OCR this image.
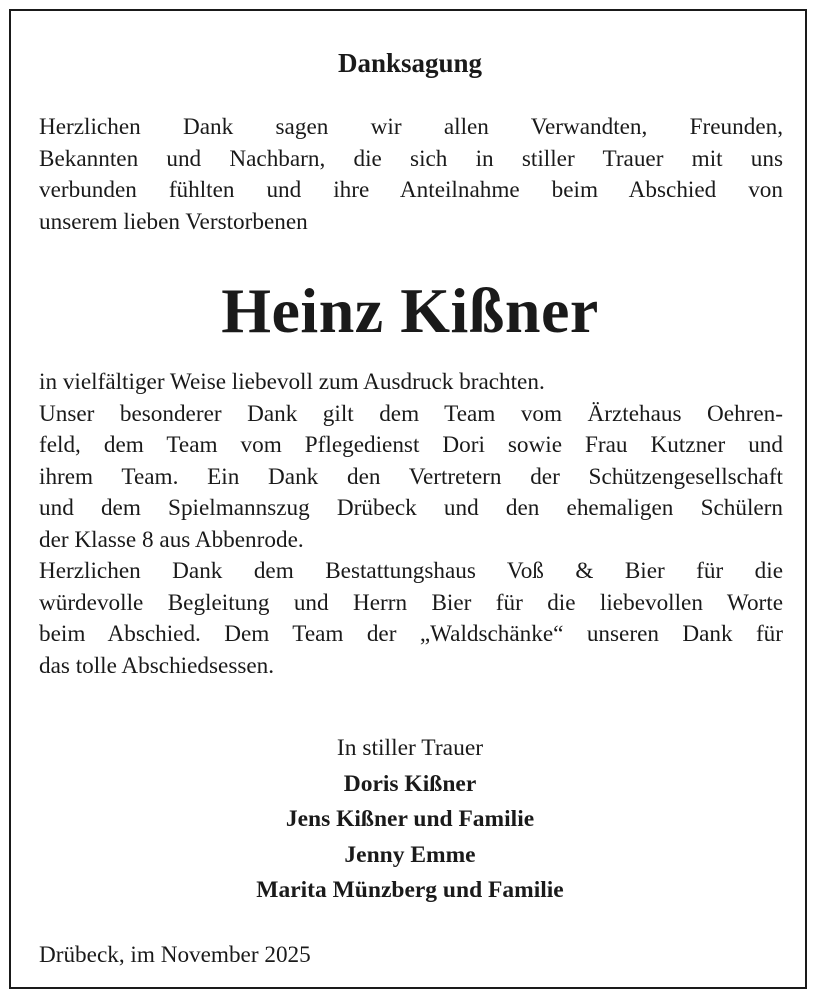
Danksagung

Herzlichen Dank sagen wir allen Verwandten, Freunden,
Bekannten und Nachbarn, die sich in stiller Trauer mit uns
verbunden fühlten und ihre Anteilnahme beim Abschied von
unserem lieben Verstorbenen

Heinz Kißner

in vielfältiger Weise liebevoll zum Ausdruck brachten.
Unser besonderer Dank gilt dem Team vom Ärztehaus Oehren-
feld, dem Team vom Pflegedienst Dori sowie Frau Kutzner und
ihrem Team. Ein Dank den Vertretern der Schützengesellschaft
und dem Spielmannszug Drübeck und den ehemaligen Schülern
der Klasse 8 aus Abbenrode.
Herzlichen Dank dem Bestattungshaus Voß & Bier für die
würdevolle Begleitung und Herrn Bier für die liebevollen Worte
beim Abschied. Dem Team der „Waldschänke“ unseren Dank für
das tolle Abschiedsessen.

In stiller Trauer
Doris Kißner
Jens Kißner und Familie
Jenny Emme
Marita Münzberg und Familie
Drübeck, im November 2025
